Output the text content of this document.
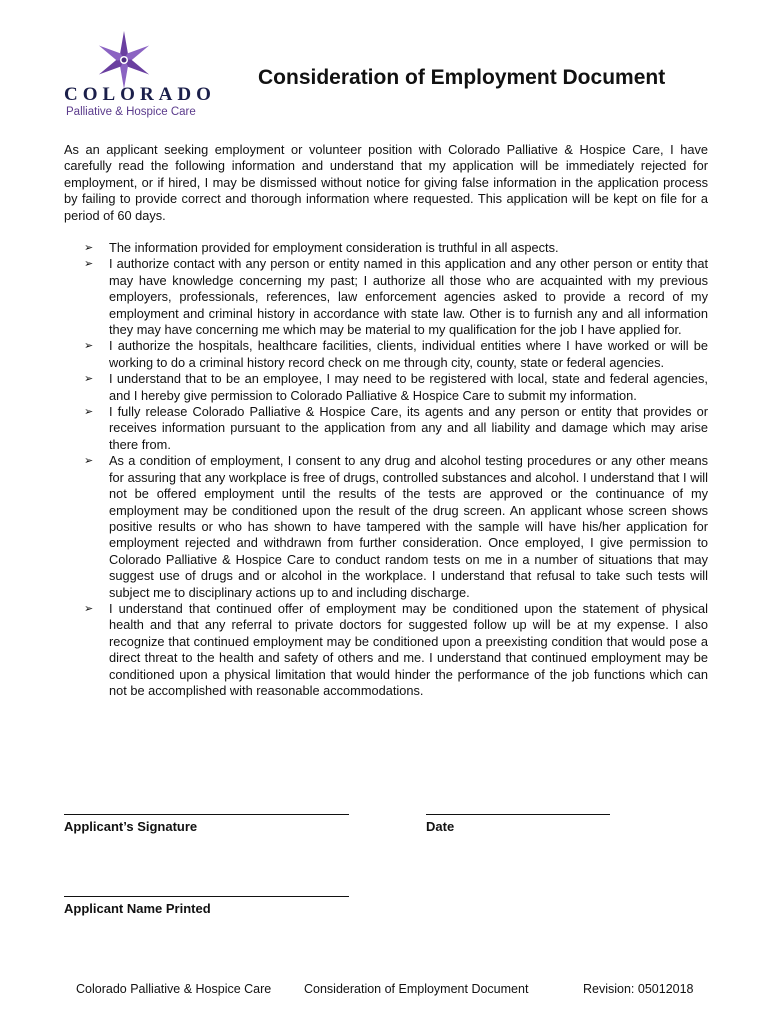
COLORADO
Palliative & Hospice Care
Consideration of Employment Document

As an applicant seeking employment or volunteer position with Colorado Palliative & Hospice Care, I have carefully read the following information and understand that my application will be immediately rejected for employment, or if hired, I may be dismissed without notice for giving false information in the application process by failing to provide correct and thorough information where requested. This application will be kept on file for a period of 60 days.

➢ The information provided for employment consideration is truthful in all aspects.
➢ I authorize contact with any person or entity named in this application and any other person or entity that may have knowledge concerning my past; I authorize all those who are acquainted with my previous employers, professionals, references, law enforcement agencies asked to provide a record of my employment and criminal history in accordance with state law. Other is to furnish any and all information they may have concerning me which may be material to my qualification for the job I have applied for.
➢ I authorize the hospitals, healthcare facilities, clients, individual entities where I have worked or will be working to do a criminal history record check on me through city, county, state or federal agencies.
➢ I understand that to be an employee, I may need to be registered with local, state and federal agencies, and I hereby give permission to Colorado Palliative & Hospice Care to submit my information.
➢ I fully release Colorado Palliative & Hospice Care, its agents and any person or entity that provides or receives information pursuant to the application from any and all liability and damage which may arise there from.
➢ As a condition of employment, I consent to any drug and alcohol testing procedures or any other means for assuring that any workplace is free of drugs, controlled substances and alcohol. I understand that I will not be offered employment until the results of the tests are approved or the continuance of my employment may be conditioned upon the result of the drug screen. An applicant whose screen shows positive results or who has shown to have tampered with the sample will have his/her application for employment rejected and withdrawn from further consideration. Once employed, I give permission to Colorado Palliative & Hospice Care to conduct random tests on me in a number of situations that may suggest use of drugs and or alcohol in the workplace. I understand that refusal to take such tests will subject me to disciplinary actions up to and including discharge.
➢ I understand that continued offer of employment may be conditioned upon the statement of physical health and that any referral to private doctors for suggested follow up will be at my expense. I also recognize that continued employment may be conditioned upon a preexisting condition that would pose a direct threat to the health and safety of others and me. I understand that continued employment may be conditioned upon a physical limitation that would hinder the performance of the job functions which can not be accomplished with reasonable accommodations.
Applicant’s Signature	Date
Applicant Name Printed
Colorado Palliative & Hospice Care	Consideration of Employment Document	Revision: 05012018
